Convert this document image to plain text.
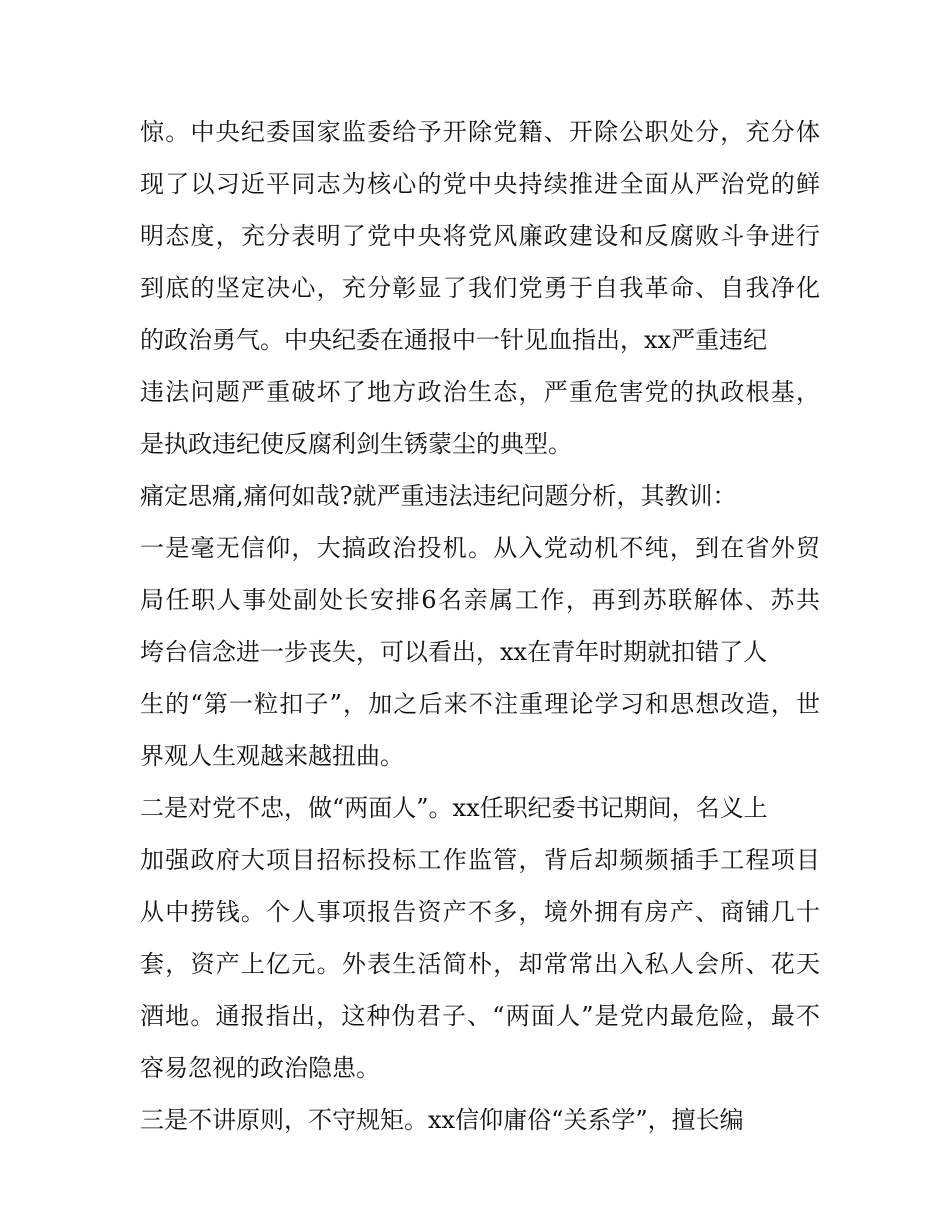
惊。中央纪委国家监委给予开除党籍、开除公职处分，充分体
现了以习近平同志为核心的党中央持续推进全面从严治党的鲜
明态度，充分表明了党中央将党风廉政建设和反腐败斗争进行
到底的坚定决心，充分彰显了我们党勇于自我革命、自我净化
的政治勇气。中央纪委在通报中一针见血指出，xx严重违纪
违法问题严重破坏了地方政治生态，严重危害党的执政根基，
是执政违纪使反腐利剑生锈蒙尘的典型。
痛定思痛,痛何如哉?就严重违法违纪问题分析，其教训：
一是毫无信仰，大搞政治投机。从入党动机不纯，到在省外贸
局任职人事处副处长安排6名亲属工作，再到苏联解体、苏共
垮台信念进一步丧失，可以看出，xx在青年时期就扣错了人
生的“第一粒扣子”，加之后来不注重理论学习和思想改造，世
界观人生观越来越扭曲。
二是对党不忠，做“两面人”。xx任职纪委书记期间，名义上
加强政府大项目招标投标工作监管，背后却频频插手工程项目
从中捞钱。个人事项报告资产不多，境外拥有房产、商铺几十
套，资产上亿元。外表生活简朴，却常常出入私人会所、花天
酒地。通报指出，这种伪君子、“两面人”是党内最危险，最不
容易忽视的政治隐患。
三是不讲原则，不守规矩。xx信仰庸俗“关系学”，擅长编
